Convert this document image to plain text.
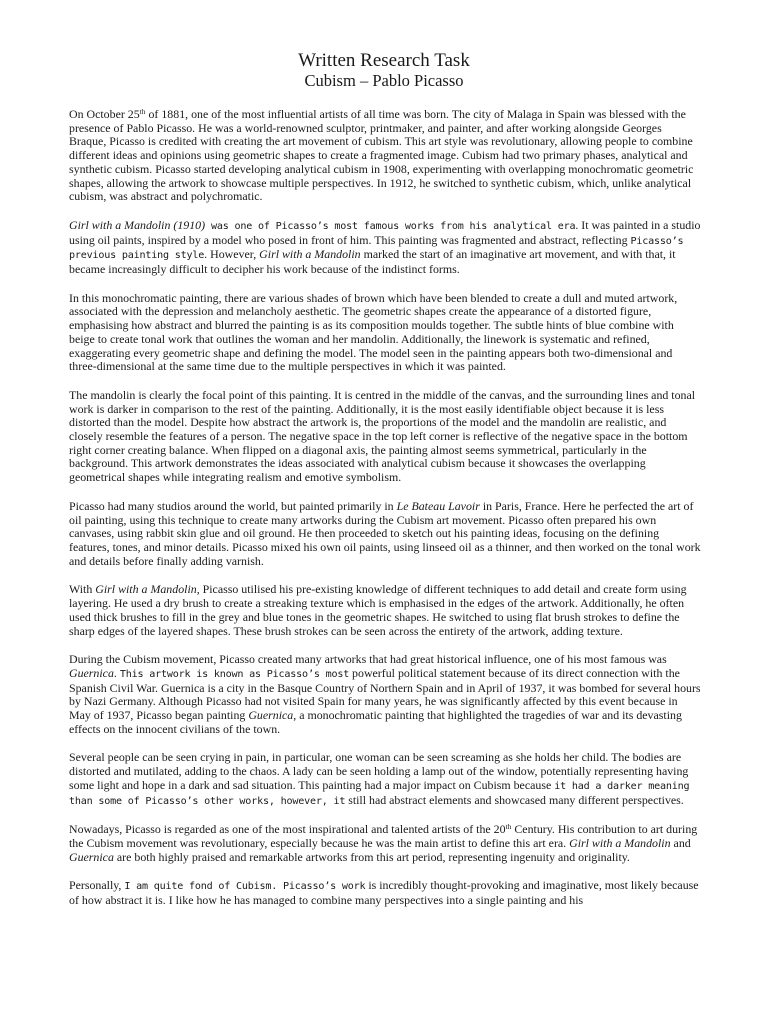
Written Research Task
Cubism – Pablo Picasso

On October 25th of 1881, one of the most influential artists of all time was born. The city of Malaga in Spain was blessed with the presence of Pablo Picasso. He was a world-renowned sculptor, printmaker, and painter, and after working alongside Georges Braque, Picasso is credited with creating the art movement of cubism. This art style was revolutionary, allowing people to combine different ideas and opinions using geometric shapes to create a fragmented image. Cubism had two primary phases, analytical and synthetic cubism. Picasso started developing analytical cubism in 1908, experimenting with overlapping monochromatic geometric shapes, allowing the artwork to showcase multiple perspectives. In 1912, he switched to synthetic cubism, which, unlike analytical cubism, was abstract and polychromatic.

Girl with a Mandolin (1910) was one of Picasso’s most famous works from his analytical era. It was painted in a studio using oil paints, inspired by a model who posed in front of him. This painting was fragmented and abstract, reflecting Picasso’s previous painting style. However, Girl with a Mandolin marked the start of an imaginative art movement, and with that, it became increasingly difficult to decipher his work because of the indistinct forms.

In this monochromatic painting, there are various shades of brown which have been blended to create a dull and muted artwork, associated with the depression and melancholy aesthetic. The geometric shapes create the appearance of a distorted figure, emphasising how abstract and blurred the painting is as its composition moulds together. The subtle hints of blue combine with beige to create tonal work that outlines the woman and her mandolin. Additionally, the linework is systematic and refined, exaggerating every geometric shape and defining the model. The model seen in the painting appears both two-dimensional and three-dimensional at the same time due to the multiple perspectives in which it was painted.

The mandolin is clearly the focal point of this painting. It is centred in the middle of the canvas, and the surrounding lines and tonal work is darker in comparison to the rest of the painting. Additionally, it is the most easily identifiable object because it is less distorted than the model. Despite how abstract the artwork is, the proportions of the model and the mandolin are realistic, and closely resemble the features of a person. The negative space in the top left corner is reflective of the negative space in the bottom right corner creating balance. When flipped on a diagonal axis, the painting almost seems symmetrical, particularly in the background. This artwork demonstrates the ideas associated with analytical cubism because it showcases the overlapping geometrical shapes while integrating realism and emotive symbolism.

Picasso had many studios around the world, but painted primarily in Le Bateau Lavoir in Paris, France. Here he perfected the art of oil painting, using this technique to create many artworks during the Cubism art movement. Picasso often prepared his own canvases, using rabbit skin glue and oil ground. He then proceeded to sketch out his painting ideas, focusing on the defining features, tones, and minor details. Picasso mixed his own oil paints, using linseed oil as a thinner, and then worked on the tonal work and details before finally adding varnish.

With Girl with a Mandolin, Picasso utilised his pre-existing knowledge of different techniques to add detail and create form using layering. He used a dry brush to create a streaking texture which is emphasised in the edges of the artwork. Additionally, he often used thick brushes to fill in the grey and blue tones in the geometric shapes. He switched to using flat brush strokes to define the sharp edges of the layered shapes. These brush strokes can be seen across the entirety of the artwork, adding texture.

During the Cubism movement, Picasso created many artworks that had great historical influence, one of his most famous was Guernica. This artwork is known as Picasso’s most powerful political statement because of its direct connection with the Spanish Civil War. Guernica is a city in the Basque Country of Northern Spain and in April of 1937, it was bombed for several hours by Nazi Germany. Although Picasso had not visited Spain for many years, he was significantly affected by this event because in May of 1937, Picasso began painting Guernica, a monochromatic painting that highlighted the tragedies of war and its devasting effects on the innocent civilians of the town.

Several people can be seen crying in pain, in particular, one woman can be seen screaming as she holds her child. The bodies are distorted and mutilated, adding to the chaos. A lady can be seen holding a lamp out of the window, potentially representing having some light and hope in a dark and sad situation. This painting had a major impact on Cubism because it had a darker meaning than some of Picasso’s other works, however, it still had abstract elements and showcased many different perspectives.

Nowadays, Picasso is regarded as one of the most inspirational and talented artists of the 20th Century. His contribution to art during the Cubism movement was revolutionary, especially because he was the main artist to define this art era. Girl with a Mandolin and Guernica are both highly praised and remarkable artworks from this art period, representing ingenuity and originality.

Personally, I am quite fond of Cubism. Picasso’s work is incredibly thought-provoking and imaginative, most likely because of how abstract it is. I like how he has managed to combine many perspectives into a single painting and his
